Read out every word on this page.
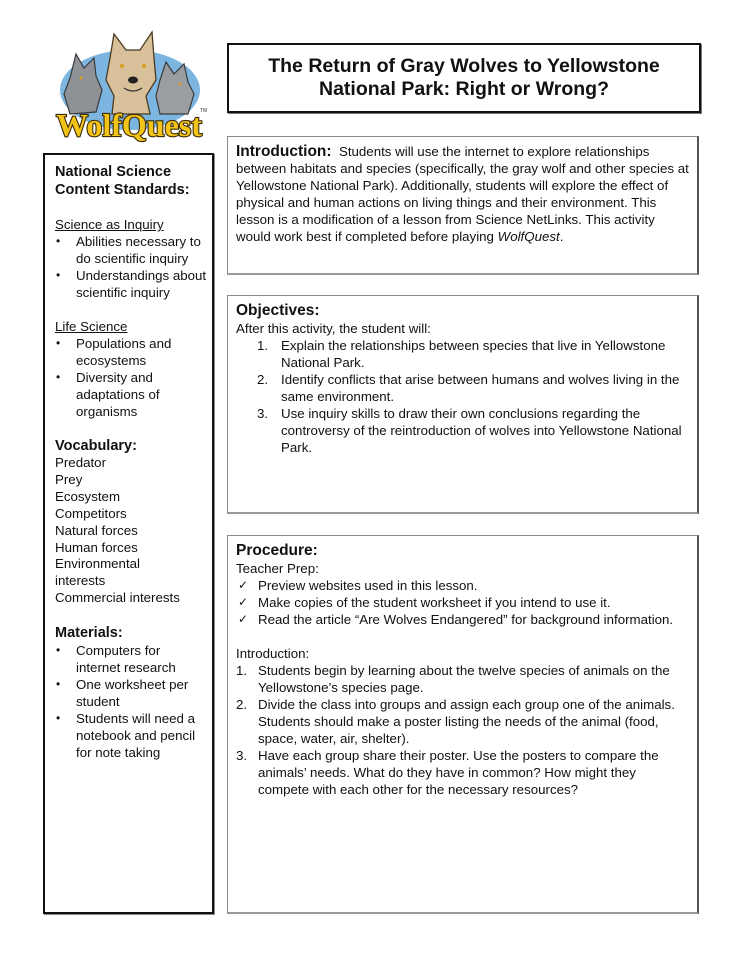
WolfQuest
TM
The Return of Gray Wolves to Yellowstone
National Park: Right or Wrong?
National Science
Content Standards:
Science as Inquiry
• Abilities necessary to do scientific inquiry
• Understandings about scientific inquiry
Life Science
• Populations and ecosystems
• Diversity and adaptations of organisms
Vocabulary:
Predator
Prey
Ecosystem
Competitors
Natural forces
Human forces
Environmental interests
Commercial interests
Materials:
• Computers for internet research
• One worksheet per student
• Students will need a notebook and pencil for note taking

Introduction: Students will use the internet to explore relationships between habitats and species (specifically, the gray wolf and other species at Yellowstone National Park). Additionally, students will explore the effect of physical and human actions on living things and their environment. This lesson is a modification of a lesson from Science NetLinks. This activity would work best if completed before playing WolfQuest.

Objectives:
After this activity, the student will:
1. Explain the relationships between species that live in Yellowstone National Park.
2. Identify conflicts that arise between humans and wolves living in the same environment.
3. Use inquiry skills to draw their own conclusions regarding the controversy of the reintroduction of wolves into Yellowstone National Park.
Procedure:
Teacher Prep:
✓ Preview websites used in this lesson.
✓ Make copies of the student worksheet if you intend to use it.
✓ Read the article “Are Wolves Endangered” for background information.
Introduction:
1. Students begin by learning about the twelve species of animals on the Yellowstone’s species page.
2. Divide the class into groups and assign each group one of the animals. Students should make a poster listing the needs of the animal (food, space, water, air, shelter).
3. Have each group share their poster. Use the posters to compare the animals’ needs. What do they have in common? How might they compete with each other for the necessary resources?
